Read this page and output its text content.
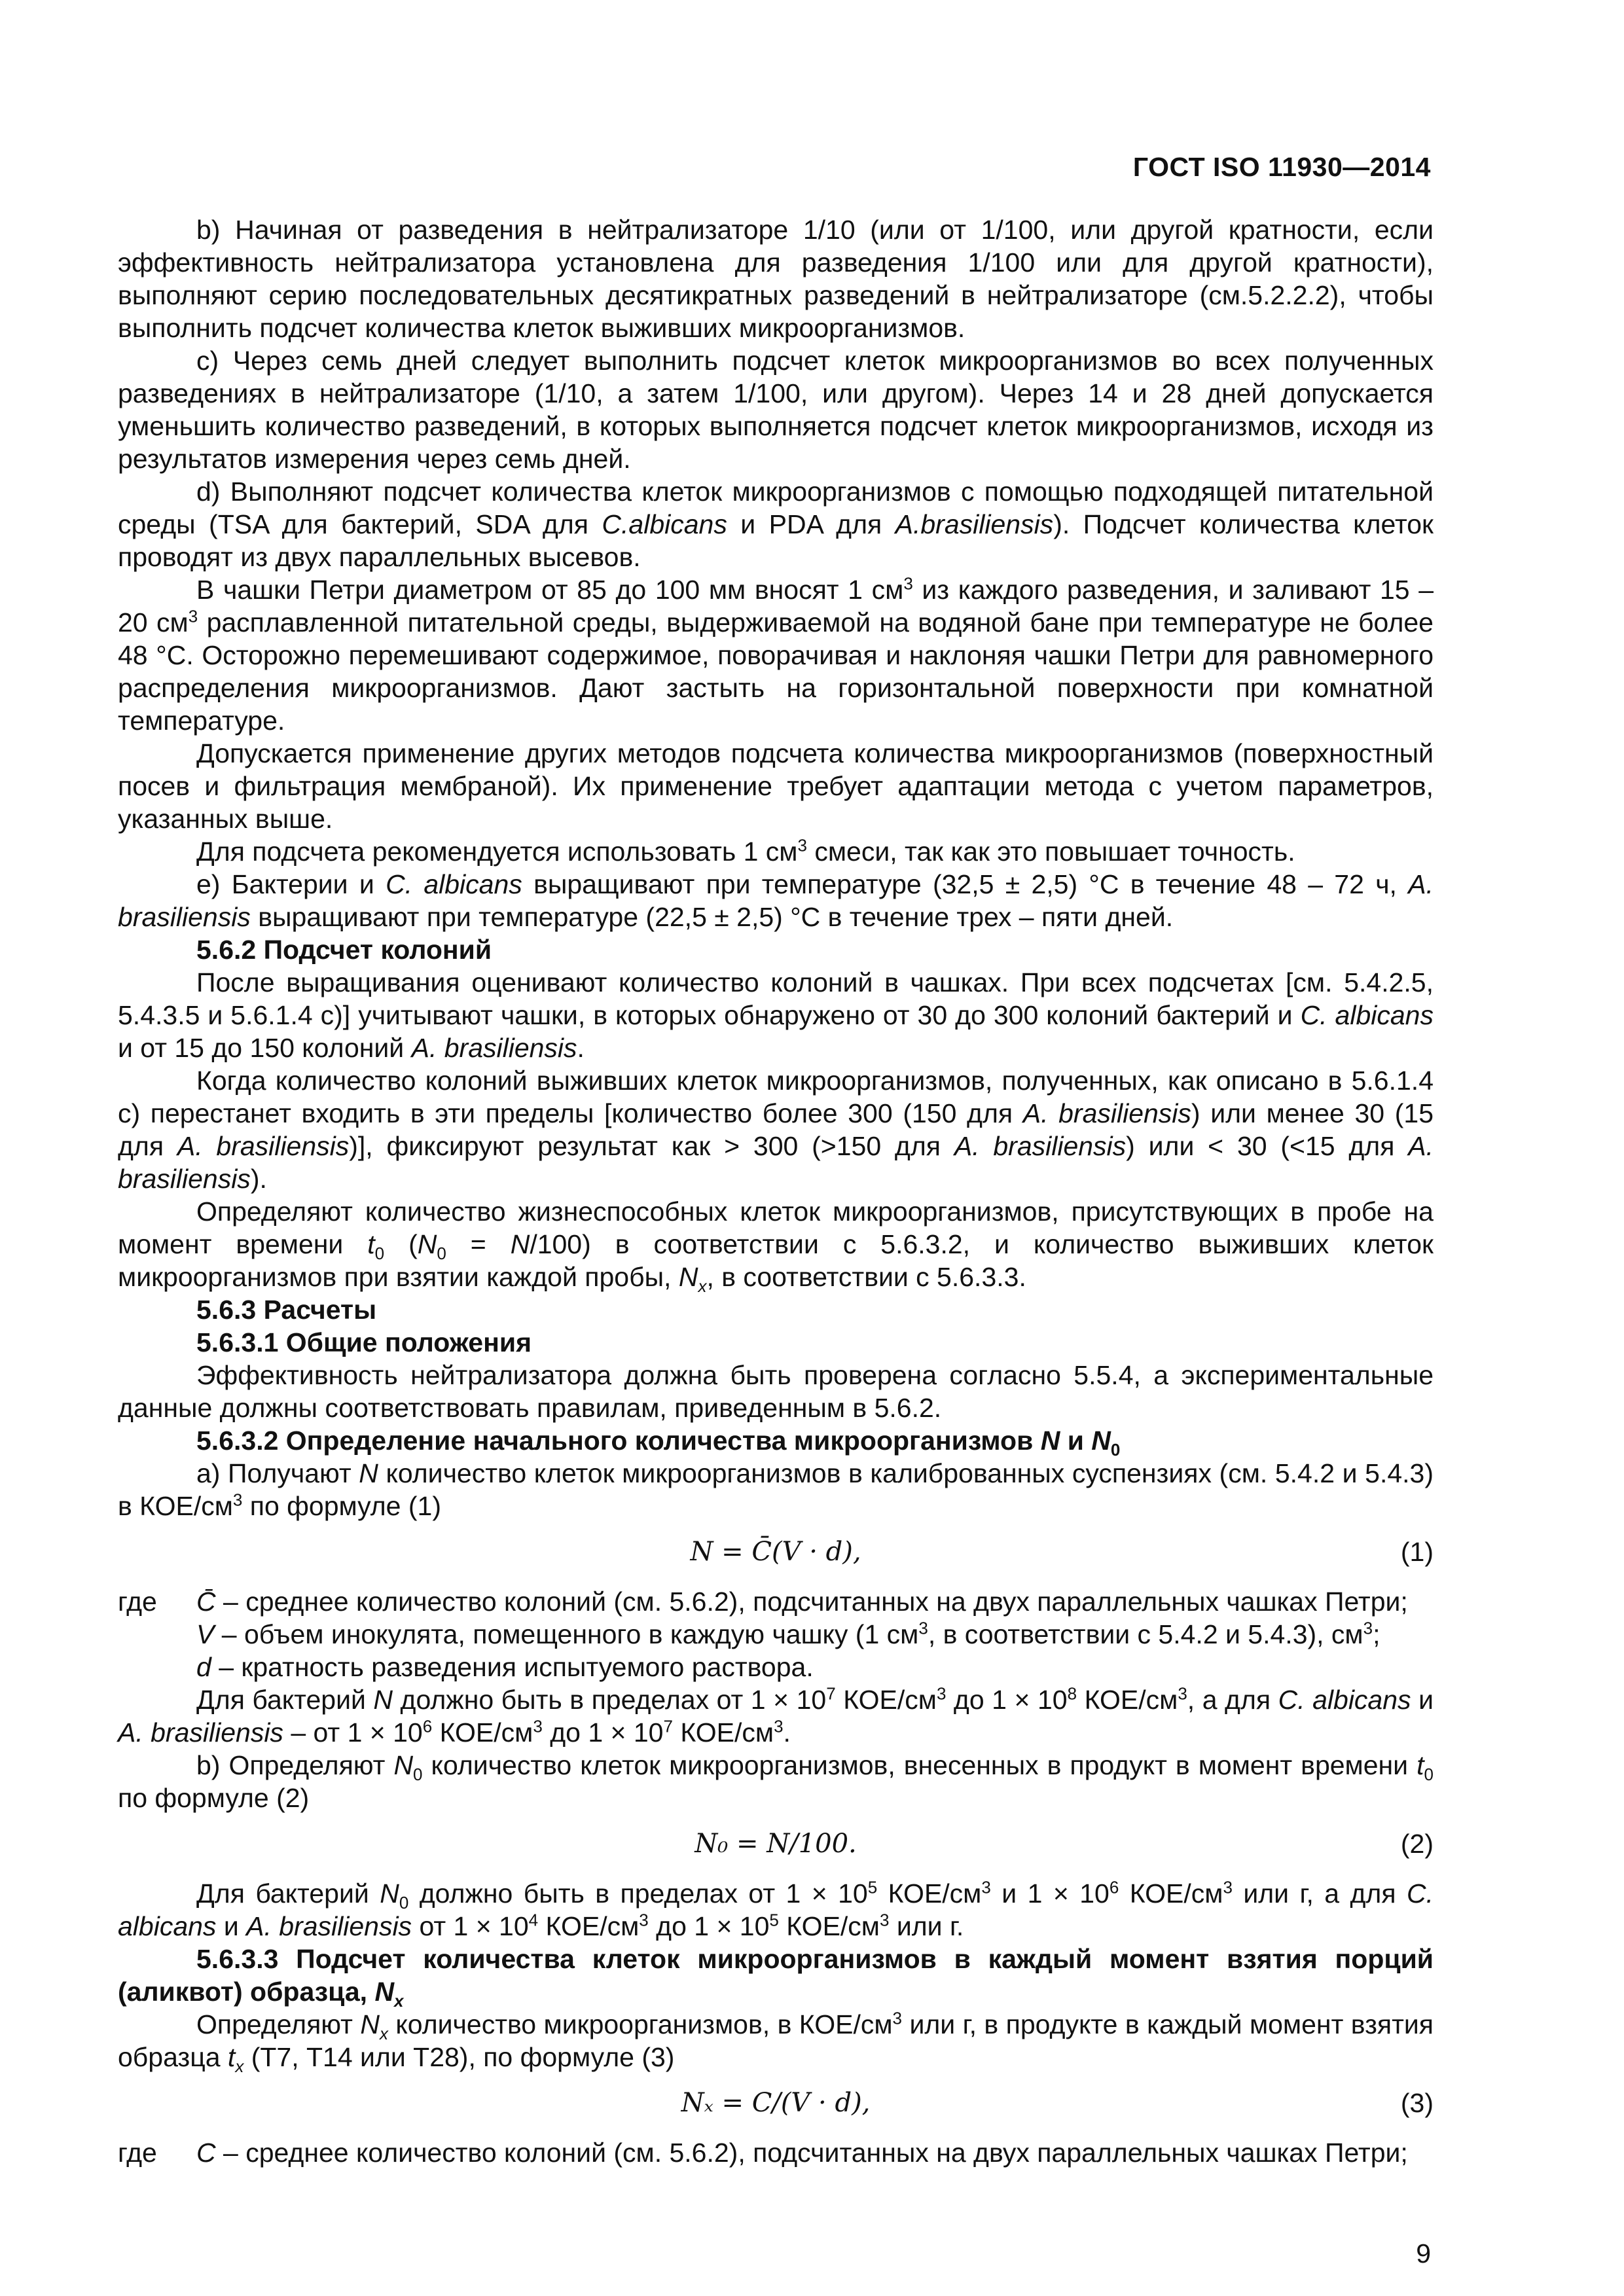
ГОСТ ISO 11930—2014

b) Начиная от разведения в нейтрализаторе 1/10 (или от 1/100, или другой кратности, если эффективность нейтрализатора установлена для разведения 1/100 или для другой кратности), выполняют серию последовательных десятикратных разведений в нейтрализаторе (см.5.2.2.2), чтобы выполнить подсчет количества клеток выживших микроорганизмов.

c) Через семь дней следует выполнить подсчет клеток микроорганизмов во всех полученных разведениях в нейтрализаторе (1/10, а затем 1/100, или другом). Через 14 и 28 дней допускается уменьшить количество разведений, в которых выполняется подсчет клеток микроорганизмов, исходя из результатов измерения через семь дней.

d) Выполняют подсчет количества клеток микроорганизмов с помощью подходящей питательной среды (TSA для бактерий, SDA для C.albicans и PDA для A.brasiliensis). Подсчет количества клеток проводят из двух параллельных высевов.

В чашки Петри диаметром от 85 до 100 мм вносят 1 $см^3$ из каждого разведения, и заливают 15 – 20 $см^3$ расплавленной питательной среды, выдерживаемой на водяной бане при температуре не более 48 °С. Осторожно перемешивают содержимое, поворачивая и наклоняя чашки Петри для равномерного распределения микроорганизмов. Дают застыть на горизонтальной поверхности при комнатной температуре.

Допускается применение других методов подсчета количества микроорганизмов (поверхностный посев и фильтрация мембраной). Их применение требует адаптации метода с учетом параметров, указанных выше.

Для подсчета рекомендуется использовать 1 $см^3$ смеси, так как это повышает точность.

e) Бактерии и C. albicans выращивают при температуре (32,5 ± 2,5) °С в течение 48 – 72 ч, A. brasiliensis выращивают при температуре (22,5 ± 2,5) °С в течение трех – пяти дней.

5.6.2 Подсчет колоний

После выращивания оценивают количество колоний в чашках. При всех подсчетах [см. 5.4.2.5, 5.4.3.5 и 5.6.1.4 с)] учитывают чашки, в которых обнаружено от 30 до 300 колоний бактерий и C. albicans и от 15 до 150 колоний A. brasiliensis.

Когда количество колоний выживших клеток микроорганизмов, полученных, как описано в 5.6.1.4 с) перестанет входить в эти пределы [количество более 300 (150 для A. brasiliensis) или менее 30 (15 для A. brasiliensis)], фиксируют результат как > 300 (>150 для A. brasiliensis) или < 30 (<15 для A. brasiliensis).

Определяют количество жизнеспособных клеток микроорганизмов, присутствующих в пробе на момент времени $t_0$ $(N_0 = N/100)$ в соответствии с 5.6.3.2, и количество выживших клеток микроорганизмов при взятии каждой пробы, $N_x$, в соответствии с 5.6.3.3.

5.6.3 Расчеты

5.6.3.1 Общие положения

Эффективность нейтрализатора должна быть проверена согласно 5.5.4, а экспериментальные данные должны соответствовать правилам, приведенным в 5.6.2.

5.6.3.2 Определение начального количества микроорганизмов N и $N_0$

а) Получают N количество клеток микроорганизмов в калиброванных суспензиях (см. 5.4.2 и 5.4.3) в КОЕ/$см^3$ по формуле (1)

N = C̄(V · d),	(1)
где	C̄ – среднее количество колоний (см. 5.6.2), подсчитанных на двух параллельных чашках Петри;

V – объем инокулята, помещенного в каждую чашку (1 $см^3$, в соответствии с 5.4.2 и 5.4.3), $см^3$;

d – кратность разведения испытуемого раствора.

Для бактерий N должно быть в пределах от $1 \times 10^7$ КОЕ/$см^3$ до $1 \times 10^8$ КОЕ/$см^3$, а для C. albicans и A. brasiliensis – от $1 \times 10^6$ КОЕ/$см^3$ до $1 \times 10^7$ КОЕ/$см^3$.

b) Определяют $N_0$ количество клеток микроорганизмов, внесенных в продукт в момент времени $t_0$ по формуле (2)

N₀ = N/100.	(2)

Для бактерий $N_0$ должно быть в пределах от $1 \times 10^5$ КОЕ/$см^3$ и $1 \times 10^6$ КОЕ/$см^3$ или г, а для C. albicans и A. brasiliensis от $1 \times 10^4$ КОЕ/$см^3$ до $1 \times 10^5$ КОЕ/$см^3$ или г.

5.6.3.3 Подсчет количества клеток микроорганизмов в каждый момент взятия порций (аликвот) образца, $N_x$

Определяют $N_x$ количество микроорганизмов, в КОЕ/$см^3$ или г, в продукте в каждый момент взятия образца $t_x$ (Т7, Т14 или Т28), по формуле (3)

Nₓ = C/(V · d),	(3)
где	C – среднее количество колоний (см. 5.6.2), подсчитанных на двух параллельных чашках Петри;

9
